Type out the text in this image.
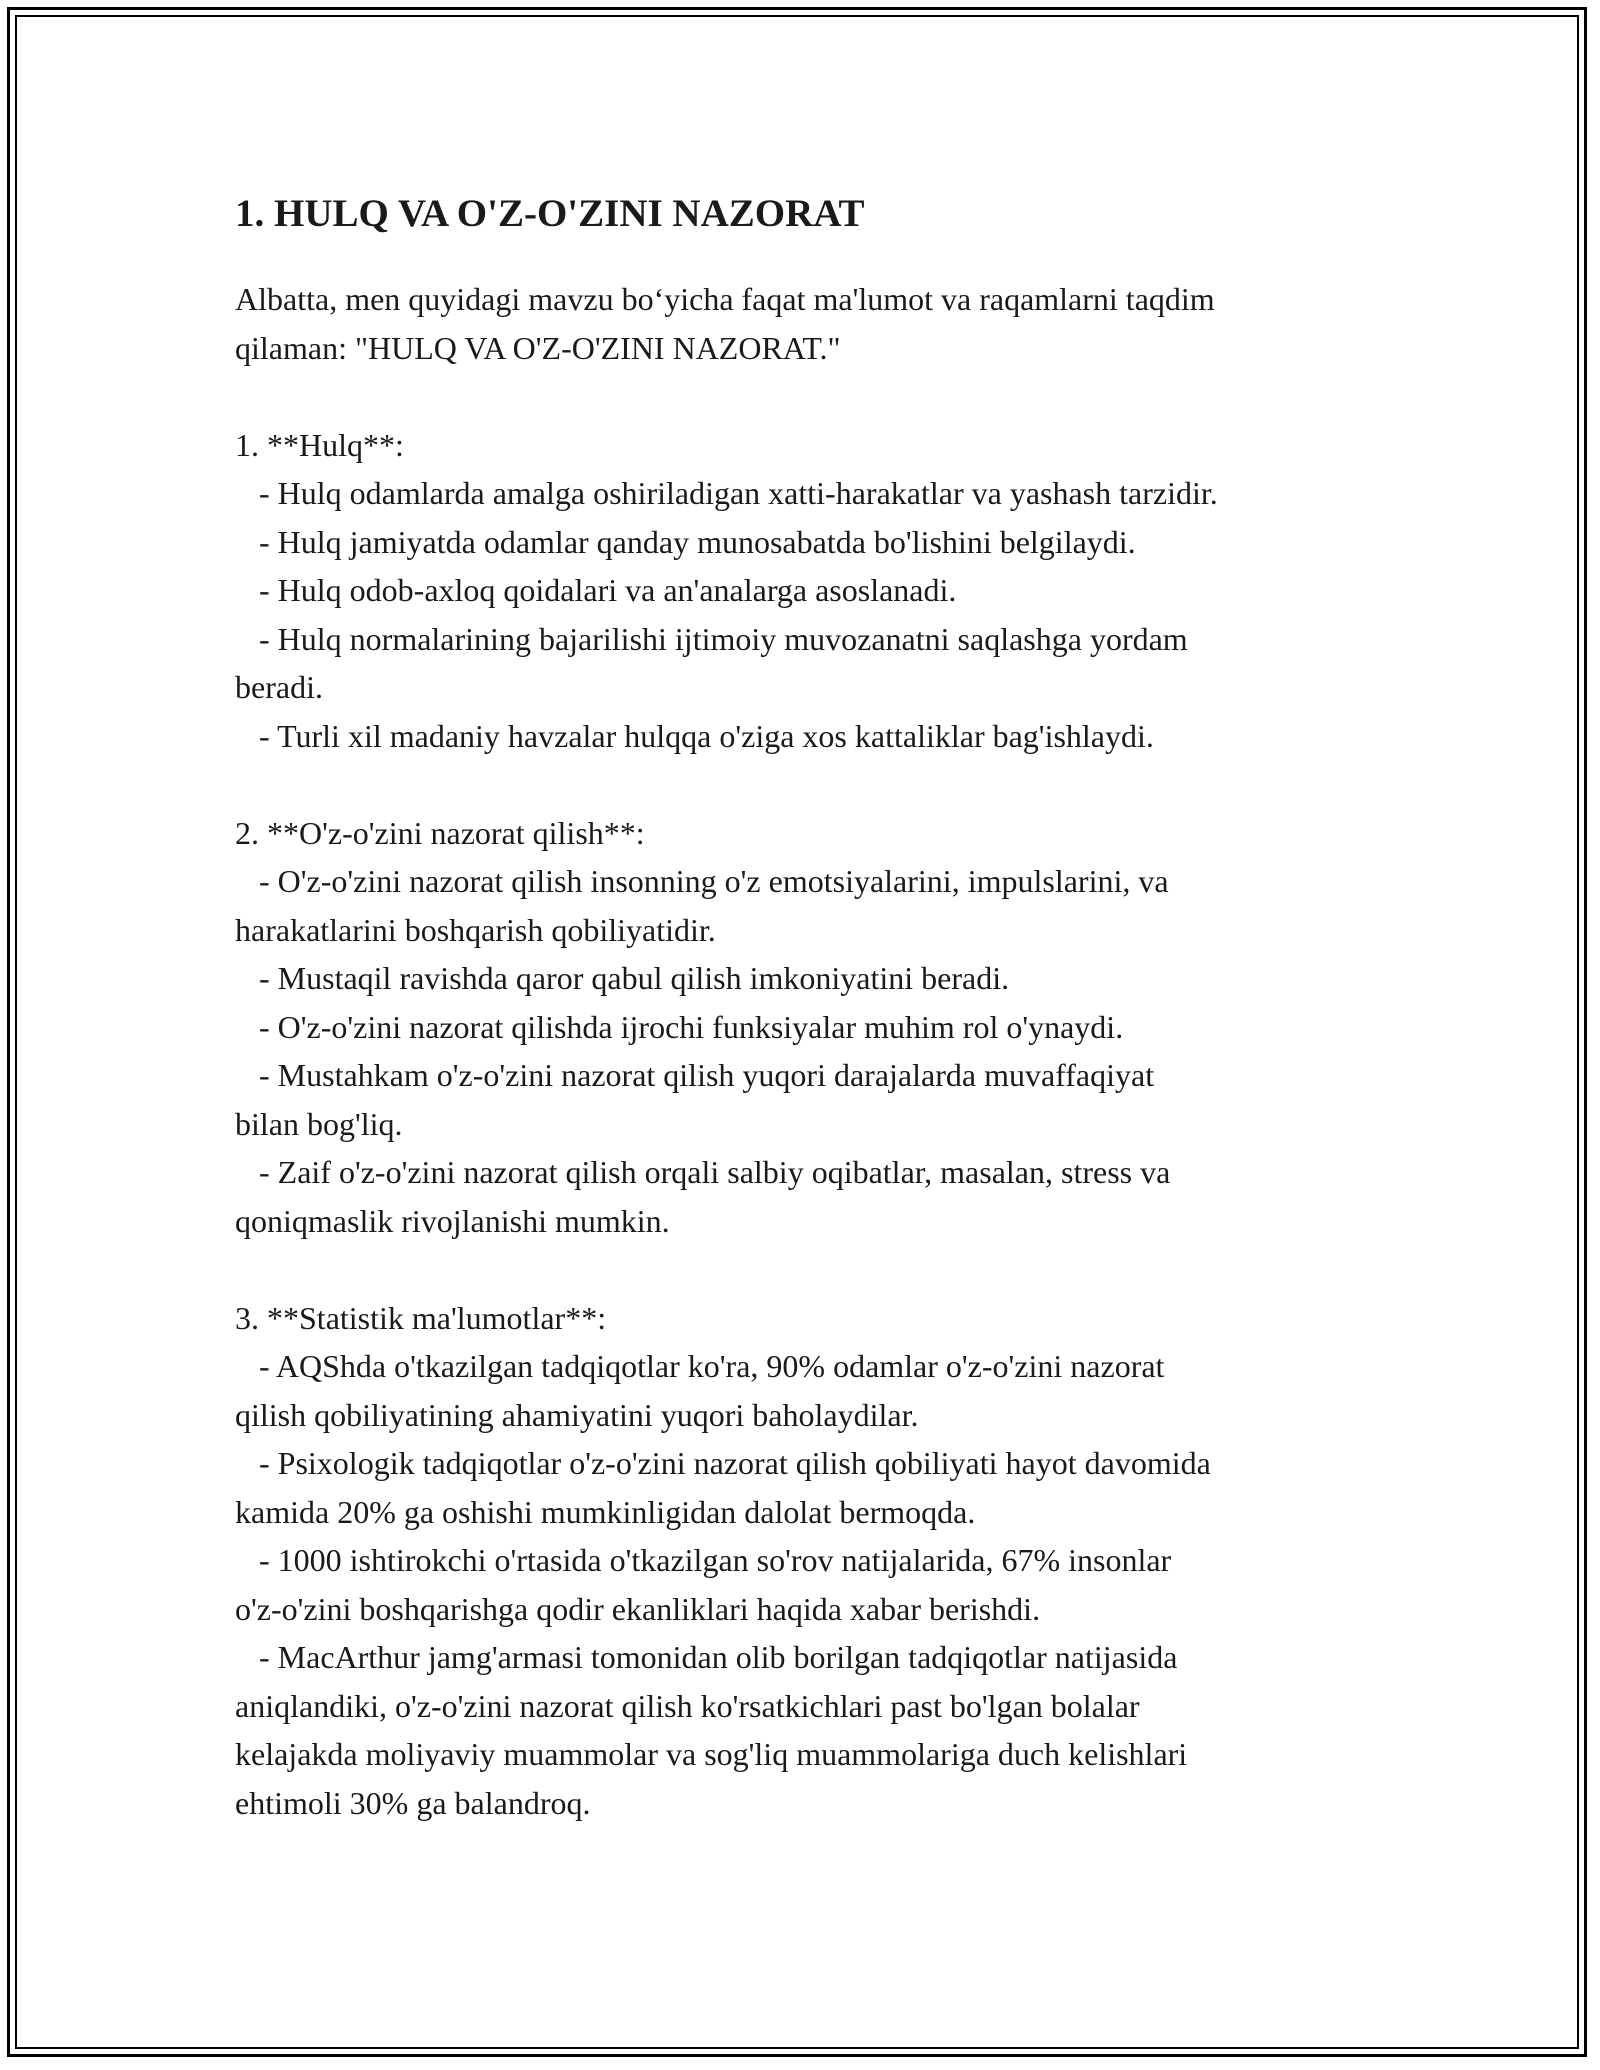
1. HULQ VA O'Z-O'ZINI NAZORAT
Albatta, men quyidagi mavzu bo‘yicha faqat ma'lumot va raqamlarni taqdim
qilaman: "HULQ VA O'Z-O'ZINI NAZORAT."
1. **Hulq**:
- Hulq odamlarda amalga oshiriladigan xatti-harakatlar va yashash tarzidir.
- Hulq jamiyatda odamlar qanday munosabatda bo'lishini belgilaydi.
- Hulq odob-axloq qoidalari va an'analarga asoslanadi.
- Hulq normalarining bajarilishi ijtimoiy muvozanatni saqlashga yordam
beradi.
- Turli xil madaniy havzalar hulqqa o'ziga xos kattaliklar bag'ishlaydi.
2. **O'z-o'zini nazorat qilish**:
- O'z-o'zini nazorat qilish insonning o'z emotsiyalarini, impulslarini, va
harakatlarini boshqarish qobiliyatidir.
- Mustaqil ravishda qaror qabul qilish imkoniyatini beradi.
- O'z-o'zini nazorat qilishda ijrochi funksiyalar muhim rol o'ynaydi.
- Mustahkam o'z-o'zini nazorat qilish yuqori darajalarda muvaffaqiyat
bilan bog'liq.
- Zaif o'z-o'zini nazorat qilish orqali salbiy oqibatlar, masalan, stress va
qoniqmaslik rivojlanishi mumkin.
3. **Statistik ma'lumotlar**:
- AQShda o'tkazilgan tadqiqotlar ko'ra, 90% odamlar o'z-o'zini nazorat
qilish qobiliyatining ahamiyatini yuqori baholaydilar.
- Psixologik tadqiqotlar o'z-o'zini nazorat qilish qobiliyati hayot davomida
kamida 20% ga oshishi mumkinligidan dalolat bermoqda.
- 1000 ishtirokchi o'rtasida o'tkazilgan so'rov natijalarida, 67% insonlar
o'z-o'zini boshqarishga qodir ekanliklari haqida xabar berishdi.
- MacArthur jamg'armasi tomonidan olib borilgan tadqiqotlar natijasida
aniqlandiki, o'z-o'zini nazorat qilish ko'rsatkichlari past bo'lgan bolalar
kelajakda moliyaviy muammolar va sog'liq muammolariga duch kelishlari
ehtimoli 30% ga balandroq.
